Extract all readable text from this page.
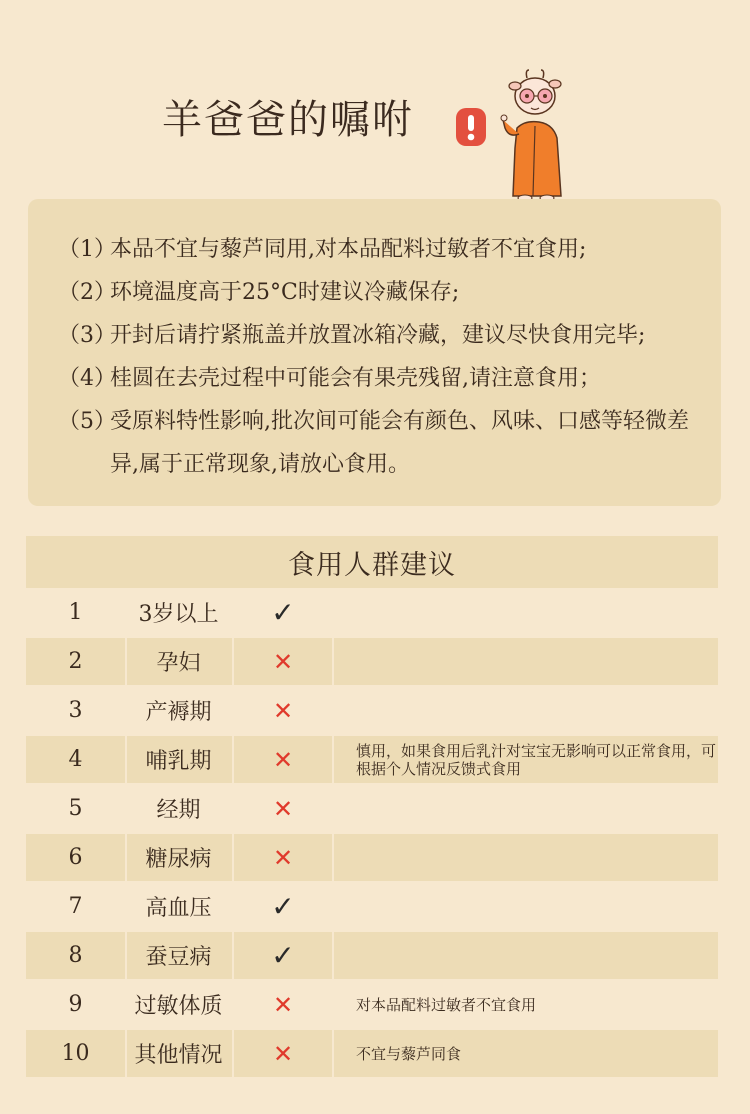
羊爸爸的嘱咐
（1）
本品不宜与藜芦同用,对本品配料过敏者不宜食用;
（2）
环境温度高于25°C时建议冷藏保存;
（3）
开封后请拧紧瓶盖并放置冰箱冷藏，建议尽快食用完毕;
（4）
桂圆在去壳过程中可能会有果壳残留,请注意食用；
（5）
受原料特性影响,批次间可能会有颜色、风味、口感等轻微差异,属于正常现象,请放心食用。
食用人群建议
1	3岁以上	✓
2	孕妇	✕
3	产褥期	✕
4	哺乳期	✕	慎用，如果食用后乳汁对宝宝无影响可以正常食用，可根据个人情况反馈式食用
5	经期	✕
6	糖尿病	✕
7	高血压	✓
8	蚕豆病	✓
9	过敏体质	✕	对本品配料过敏者不宜食用
10	其他情况	✕	不宜与藜芦同食
